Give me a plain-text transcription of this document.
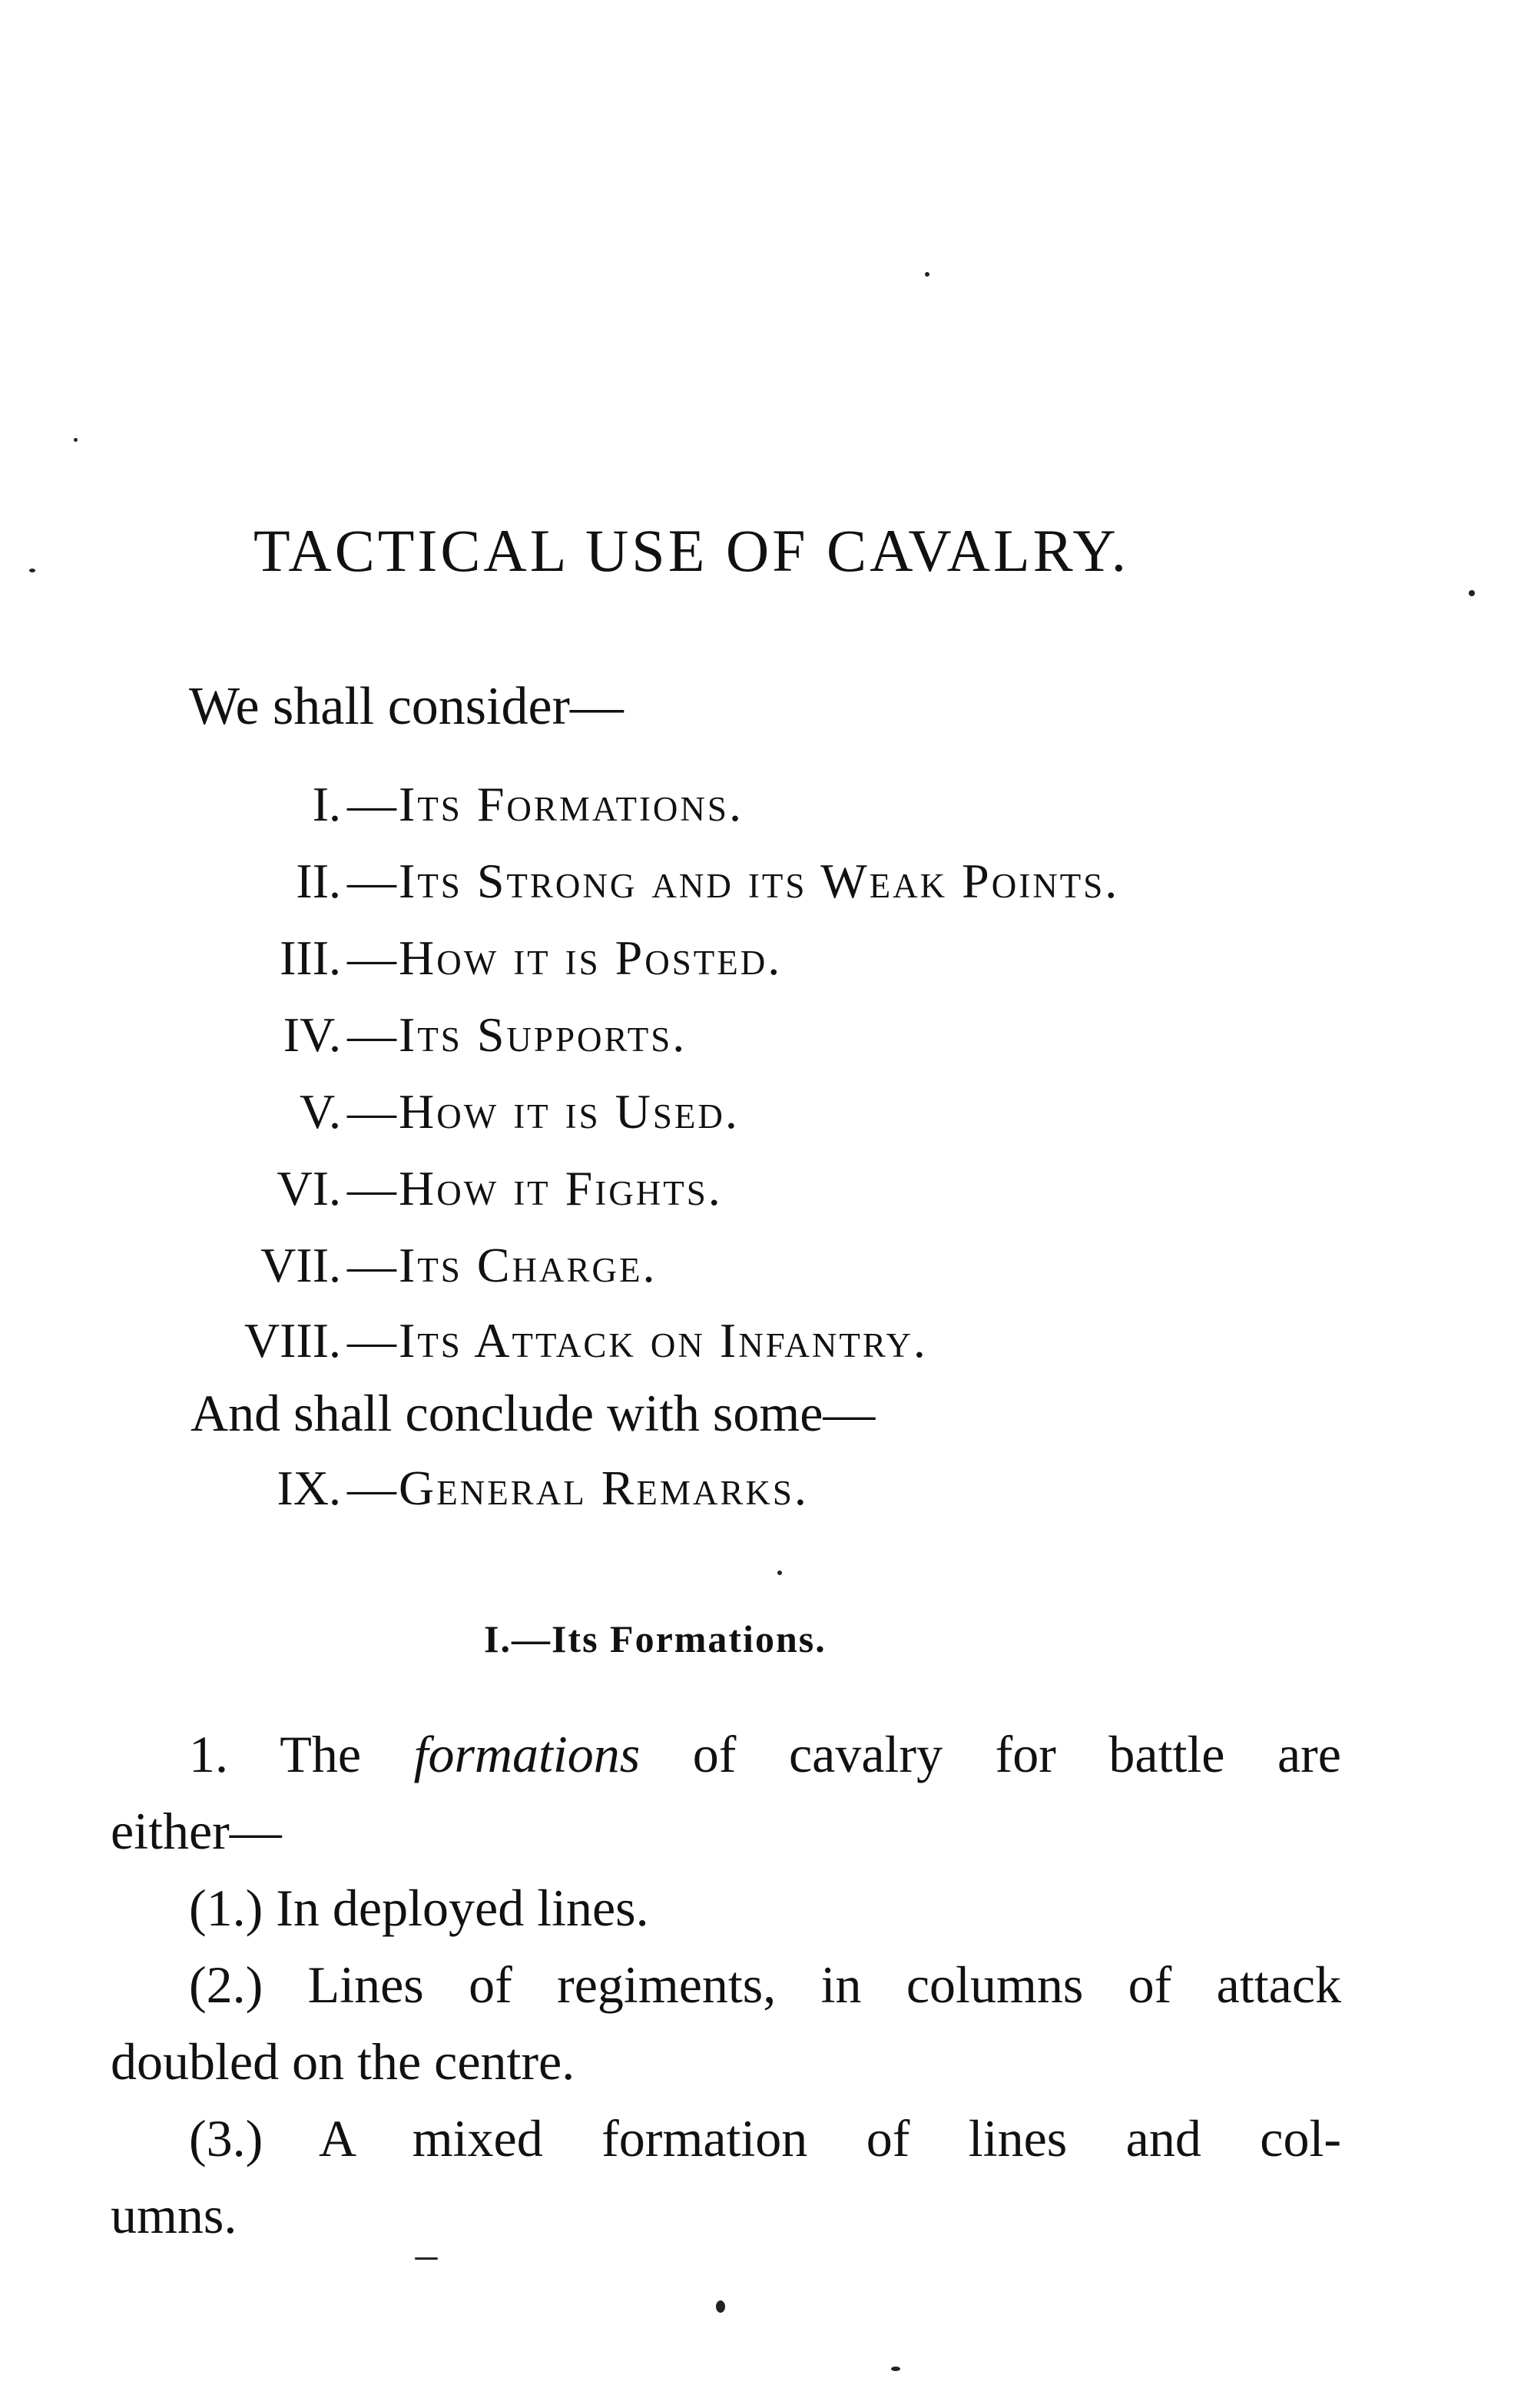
TACTICAL USE OF CAVALRY.
We shall consider—
I. —Its Formations.
II. —Its Strong and its Weak Points.
III. —How it is Posted.
IV. —Its Supports.
V. —How it is Used.
VI. —How it Fights.
VII. —Its Charge.
VIII. —Its Attack on Infantry.
And shall conclude with some—
IX. —General Remarks.
I.—Its Formations.
1. The formations of cavalry for battle are
either—
(1.) In deployed lines.
(2.) Lines of regiments, in columns of attack
doubled on the centre.
(3.) A mixed formation of lines and col-
umns.
